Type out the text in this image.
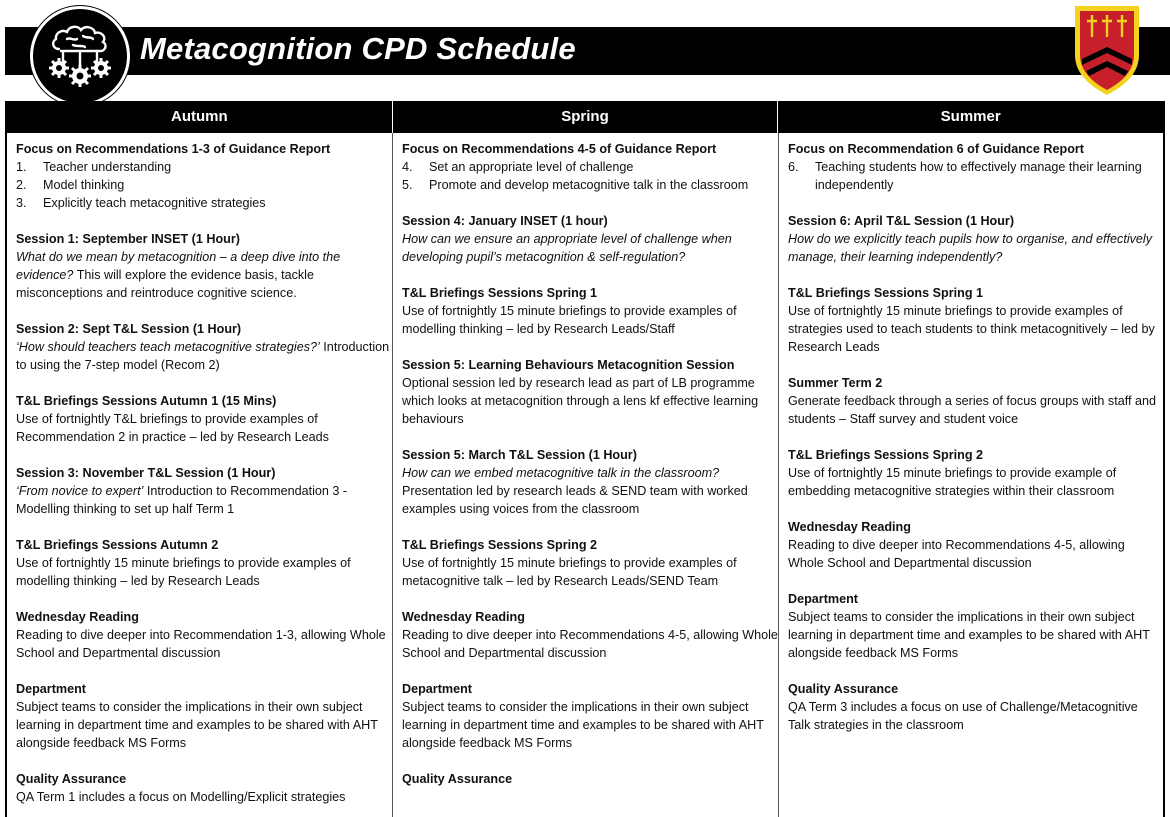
Metacognition CPD Schedule
Autumn	Spring	Summer
Focus on Recommendations 1-3 of Guidance Report
1. Teacher understanding
2. Model thinking
3. Explicitly teach metacognitive strategies
Session 1: September INSET (1 Hour)
What do we mean by metacognition – a deep dive into the evidence? This will explore the evidence basis, tackle misconceptions and reintroduce cognitive science.
Session 2: Sept T&L Session (1 Hour)
‘How should teachers teach metacognitive strategies?’ Introduction to using the 7-step model (Recom 2)
T&L Briefings Sessions Autumn 1 (15 Mins)
Use of fortnightly T&L briefings to provide examples of Recommendation 2 in practice – led by Research Leads
Session 3: November T&L Session (1 Hour)
‘From novice to expert’ Introduction to Recommendation 3 - Modelling thinking to set up half Term 1
T&L Briefings Sessions Autumn 2
Use of fortnightly 15 minute briefings to provide examples of modelling thinking – led by Research Leads
Wednesday Reading
Reading to dive deeper into Recommendation 1-3, allowing Whole School and Departmental discussion
Department
Subject teams to consider the implications in their own subject learning in department time and examples to be shared with AHT alongside feedback MS Forms
Quality Assurance
QA Term 1 includes a focus on Modelling/Explicit strategies
Focus on Recommendations 4-5 of Guidance Report
4. Set an appropriate level of challenge
5. Promote and develop metacognitive talk in the classroom
Session 4: January INSET (1 hour)
How can we ensure an appropriate level of challenge when developing pupil’s metacognition & self-regulation?
T&L Briefings Sessions Spring 1
Use of fortnightly 15 minute briefings to provide examples of modelling thinking – led by Research Leads/Staff
Session 5: Learning Behaviours Metacognition Session
Optional session led by research lead as part of LB programme which looks at metacognition through a lens kf effective learning behaviours
Session 5: March T&L Session (1 Hour)
How can we embed metacognitive talk in the classroom? Presentation led by research leads & SEND team with worked examples using voices from the classroom
T&L Briefings Sessions Spring 2
Use of fortnightly 15 minute briefings to provide examples of metacognitive talk – led by Research Leads/SEND Team
Wednesday Reading
Reading to dive deeper into Recommendations 4-5, allowing Whole School and Departmental discussion
Department
Subject teams to consider the implications in their own subject learning in department time and examples to be shared with AHT alongside feedback MS Forms
Quality Assurance
Focus on Recommendation 6 of Guidance Report
6. Teaching students how to effectively manage their learning independently
Session 6: April T&L Session (1 Hour)
How do we explicitly teach pupils how to organise, and effectively manage, their learning independently?
T&L Briefings Sessions Spring 1
Use of fortnightly 15 minute briefings to provide examples of strategies used to teach students to think metacognitively – led by Research Leads
Summer Term 2
Generate feedback through a series of focus groups with staff and students – Staff survey and student voice
T&L Briefings Sessions Spring 2
Use of fortnightly 15 minute briefings to provide example of embedding metacognitive strategies within their classroom
Wednesday Reading
Reading to dive deeper into Recommendations 4-5, allowing Whole School and Departmental discussion
Department
Subject teams to consider the implications in their own subject learning in department time and examples to be shared with AHT alongside feedback MS Forms
Quality Assurance
QA Term 3 includes a focus on use of Challenge/Metacognitive Talk strategies in the classroom
